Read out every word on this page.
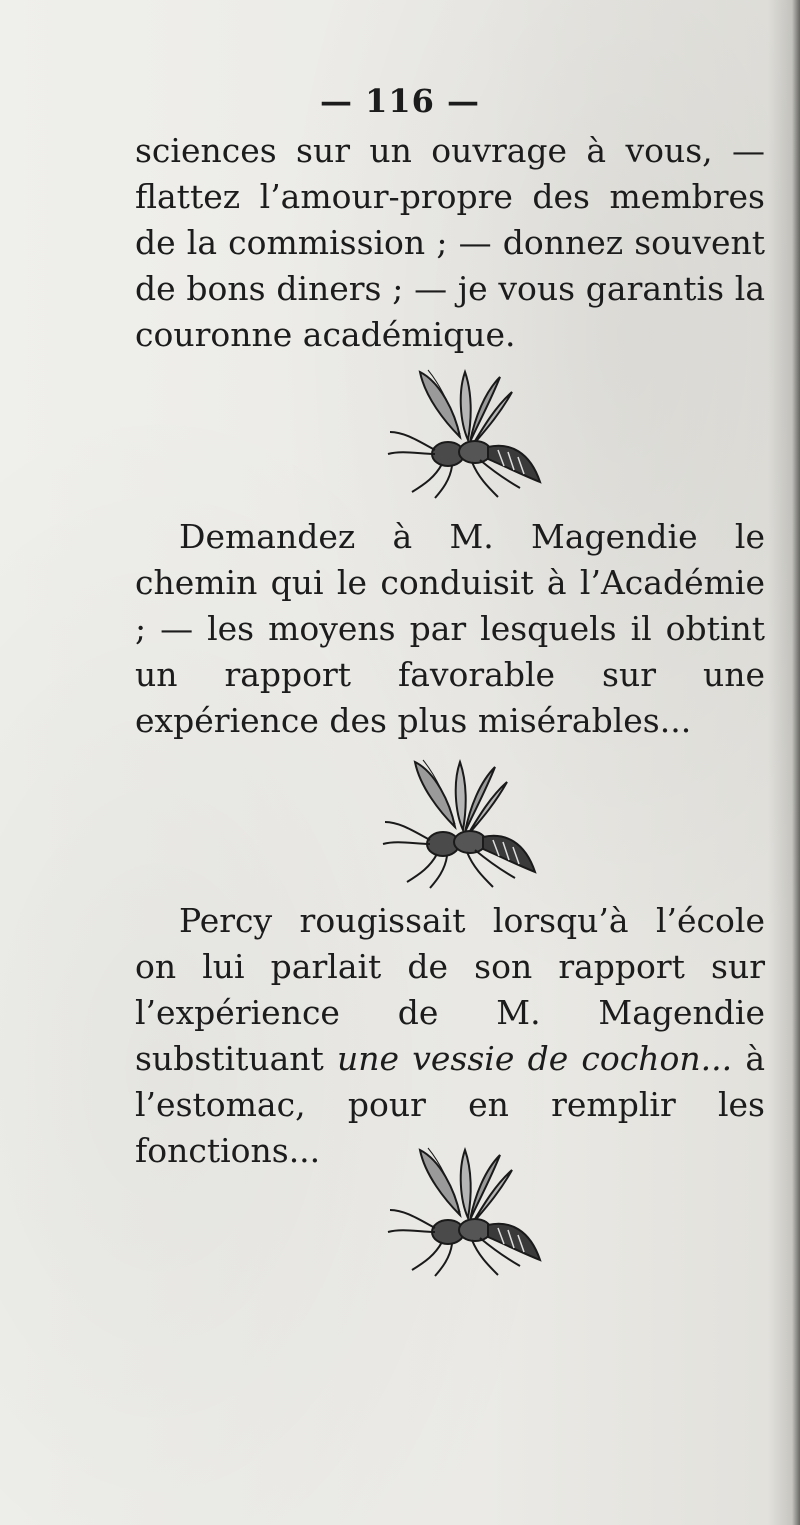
— 116 —

sciences sur un ouvrage à vous, — flattez l’amour-propre des membres de la commission ; — donnez souvent de bons diners ; — je vous garantis la couronne académique.

Demandez à M. Magendie le chemin qui le conduisit à l’Académie ; — les moyens par lesquels il obtint un rapport favorable sur une expérience des plus misérables...

Percy rougissait lorsqu’à l’école on lui parlait de son rapport sur l’expérience de M. Magendie substituant une vessie de cochon... à l’estomac, pour en remplir les fonctions...
